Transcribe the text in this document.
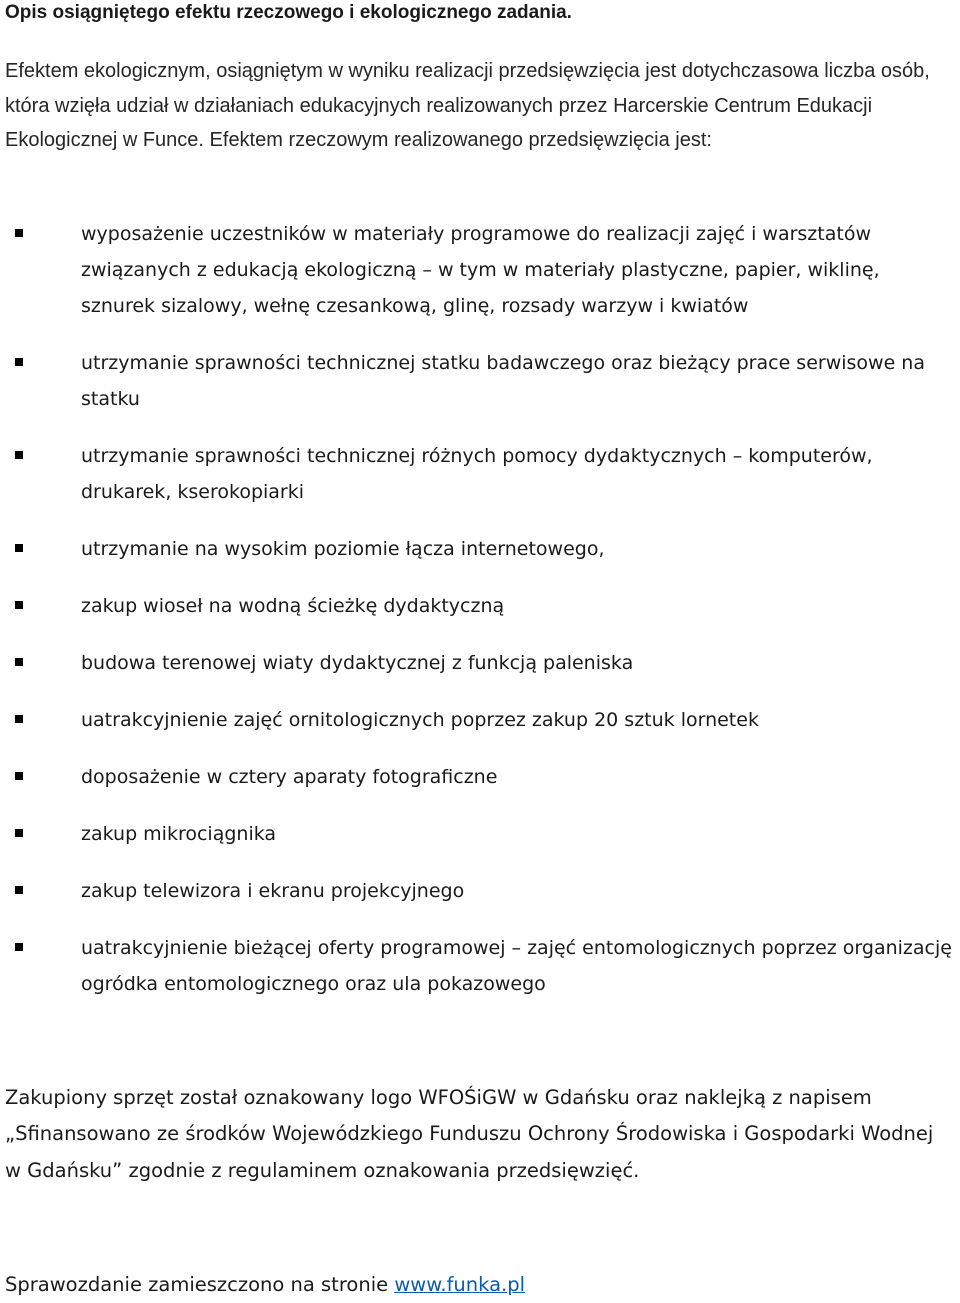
Opis osiągniętego efektu rzeczowego i ekologicznego zadania.

Efektem ekologicznym, osiągniętym w wyniku realizacji przedsięwzięcia jest dotychczasowa liczba osób, która wzięła udział w działaniach edukacyjnych realizowanych przez Harcerskie Centrum Edukacji Ekologicznej w Funce. Efektem rzeczowym realizowanego przedsięwzięcia jest:

wyposażenie uczestników w materiały programowe do realizacji zajęć i warsztatów związanych z edukacją ekologiczną – w tym w materiały plastyczne, papier, wiklinę, sznurek sizalowy, wełnę czesankową, glinę, rozsady warzyw i kwiatów
utrzymanie sprawności technicznej statku badawczego oraz bieżący prace serwisowe na statku
utrzymanie sprawności technicznej różnych pomocy dydaktycznych – komputerów, drukarek, kserokopiarki
utrzymanie na wysokim poziomie łącza internetowego,
zakup wioseł na wodną ścieżkę dydaktyczną
budowa terenowej wiaty dydaktycznej z funkcją paleniska
uatrakcyjnienie zajęć ornitologicznych poprzez zakup 20 sztuk lornetek
doposażenie w cztery aparaty fotograficzne
zakup mikrociągnika
zakup telewizora i ekranu projekcyjnego
uatrakcyjnienie bieżącej oferty programowej – zajęć entomologicznych poprzez organizację ogródka entomologicznego oraz ula pokazowego

Zakupiony sprzęt został oznakowany logo WFOŚiGW w Gdańsku oraz naklejką z napisem „Sfinansowano ze środków Wojewódzkiego Funduszu Ochrony Środowiska i Gospodarki Wodnej w Gdańsku” zgodnie z regulaminem oznakowania przedsięwzięć.

Sprawozdanie zamieszczono na stronie www.funka.pl
